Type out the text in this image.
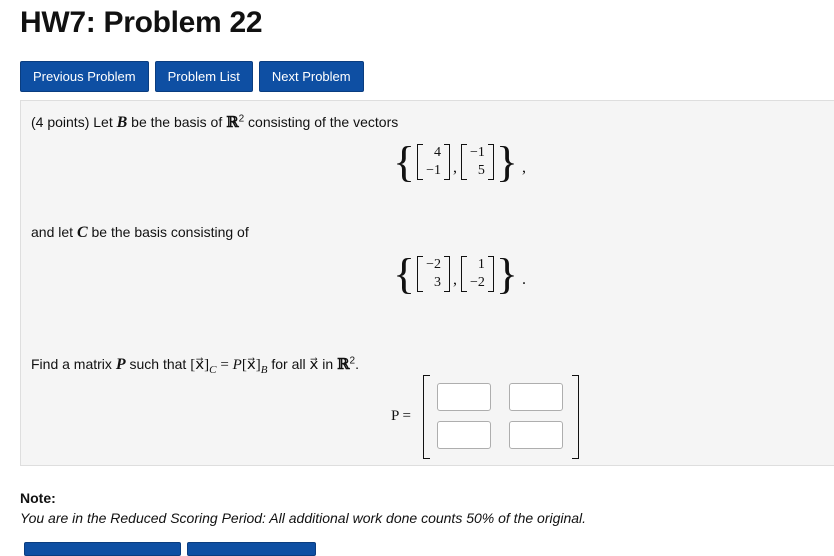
HW7: Problem 22
Previous Problem	Problem List	Next Problem
(4 points) Let B be the basis of ℝ$^2$ consisting of the vectors
{ 4
−1 ,
−1
5 } ,
and let C be the basis consisting of
{ −2
3 ,
1
−2 } .
Find a matrix P such that $[x⃗]_C$ = $P[x⃗]_B$ for all x⃗ in ℝ$^2$.
P =
Note:
You are in the Reduced Scoring Period: All additional work done counts 50% of the original.
